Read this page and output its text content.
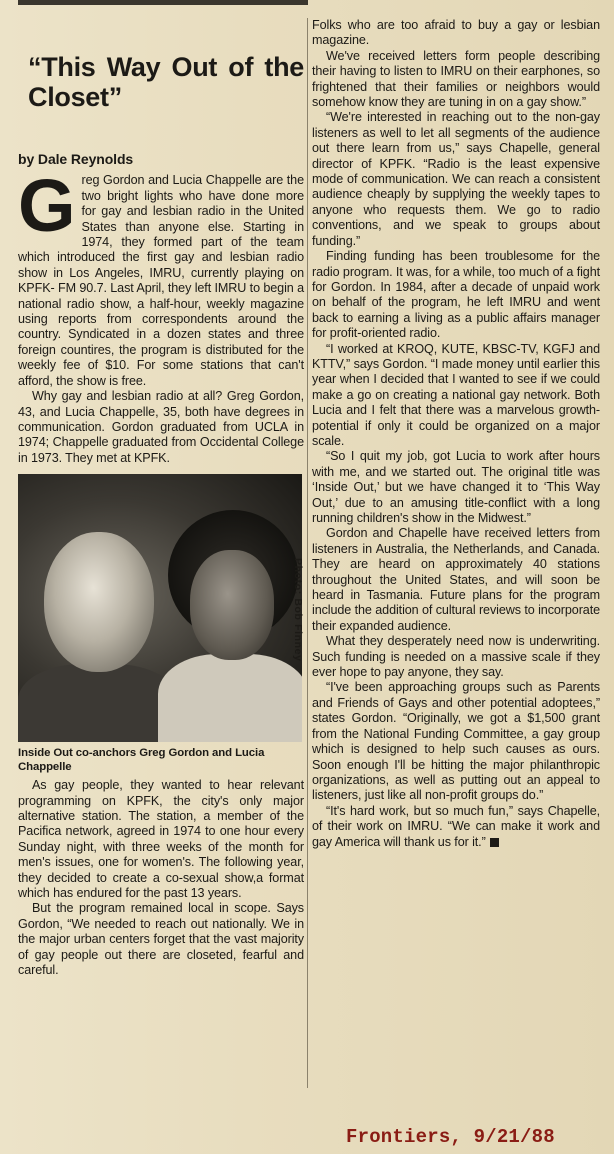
“This Way Out of the Closet”
by Dale Reynolds

Greg Gordon and Lucia Chappelle are the two bright lights who have done more for gay and lesbian radio in the United States than anyone else. Starting in 1974, they formed part of the team which introduced the first gay and lesbian radio show in Los Angeles, IMRU, currently playing on KPFK- FM 90.7. Last April, they left IMRU to begin a national radio show, a half-hour, weekly magazine using reports from correspondents around the country. Syndicated in a dozen states and three foreign countires, the program is distributed for the weekly fee of $10. For some stations that can't afford, the show is free.

Why gay and lesbian radio at all? Greg Gordon, 43, and Lucia Chappelle, 35, both have degrees in communication. Gordon graduated from UCLA in 1974; Chappelle graduated from Occidental College in 1973. They met at KPFK.

Inside Out co-anchors Greg Gordon and Lucia Chappelle

As gay people, they wanted to hear relevant programming on KPFK, the city's only major alternative station. The station, a member of the Pacifica network, agreed in 1974 to one hour every Sunday night, with three weeks of the month for men's issues, one for women's. The following year, they decided to create a co-sexual show,a format which has endured for the past 13 years.

But the program remained local in scope. Says Gordon, “We needed to reach out nationally. We in the major urban centers forget that the vast majority of gay people out there are closeted, fearful and careful.

Photo: Bob Finney

Folks who are too afraid to buy a gay or lesbian magazine.

We've received letters form people describing their having to listen to IMRU on their earphones, so frightened that their families or neighbors would somehow know they are tuning in on a gay show.”

“We're interested in reaching out to the non-gay listeners as well to let all segments of the audience out there learn from us,” says Chapelle, general director of KPFK. “Radio is the least expensive mode of communication. We can reach a consistent audience cheaply by supplying the weekly tapes to anyone who requests them. We go to radio conventions, and we speak to groups about funding.”

Finding funding has been troublesome for the radio program. It was, for a while, too much of a fight for Gordon. In 1984, after a decade of unpaid work on behalf of the program, he left IMRU and went back to earning a living as a public affairs manager for profit-oriented radio.

“I worked at KROQ, KUTE, KBSC-TV, KGFJ and KTTV,” says Gordon. “I made money until earlier this year when I decided that I wanted to see if we could make a go on creating a national gay network. Both Lucia and I felt that there was a marvelous growth-potential if only it could be organized on a major scale.

“So I quit my job, got Lucia to work after hours with me, and we started out. The original title was ‘Inside Out,’ but we have changed it to ‘This Way Out,’ due to an amusing title-conflict with a long running children's show in the Midwest.”

Gordon and Chapelle have received letters from listeners in Australia, the Netherlands, and Canada. They are heard on approximately 40 stations throughout the United States, and will soon be heard in Tasmania. Future plans for the program include the addition of cultural reviews to incorporate their expanded audience.

What they desperately need now is underwriting. Such funding is needed on a massive scale if they ever hope to pay anyone, they say.

“I've been approaching groups such as Parents and Friends of Gays and other potential adoptees,” states Gordon. “Originally, we got a $1,500 grant from the National Funding Committee, a gay group which is designed to help such causes as ours. Soon enough I'll be hitting the major philanthropic organizations, as well as putting out an appeal to listeners, just like all non-profit groups do.”

“It's hard work, but so much fun,” says Chapelle, of their work on IMRU. “We can make it work and gay America will thank us for it.”

Frontiers, 9/21/88
